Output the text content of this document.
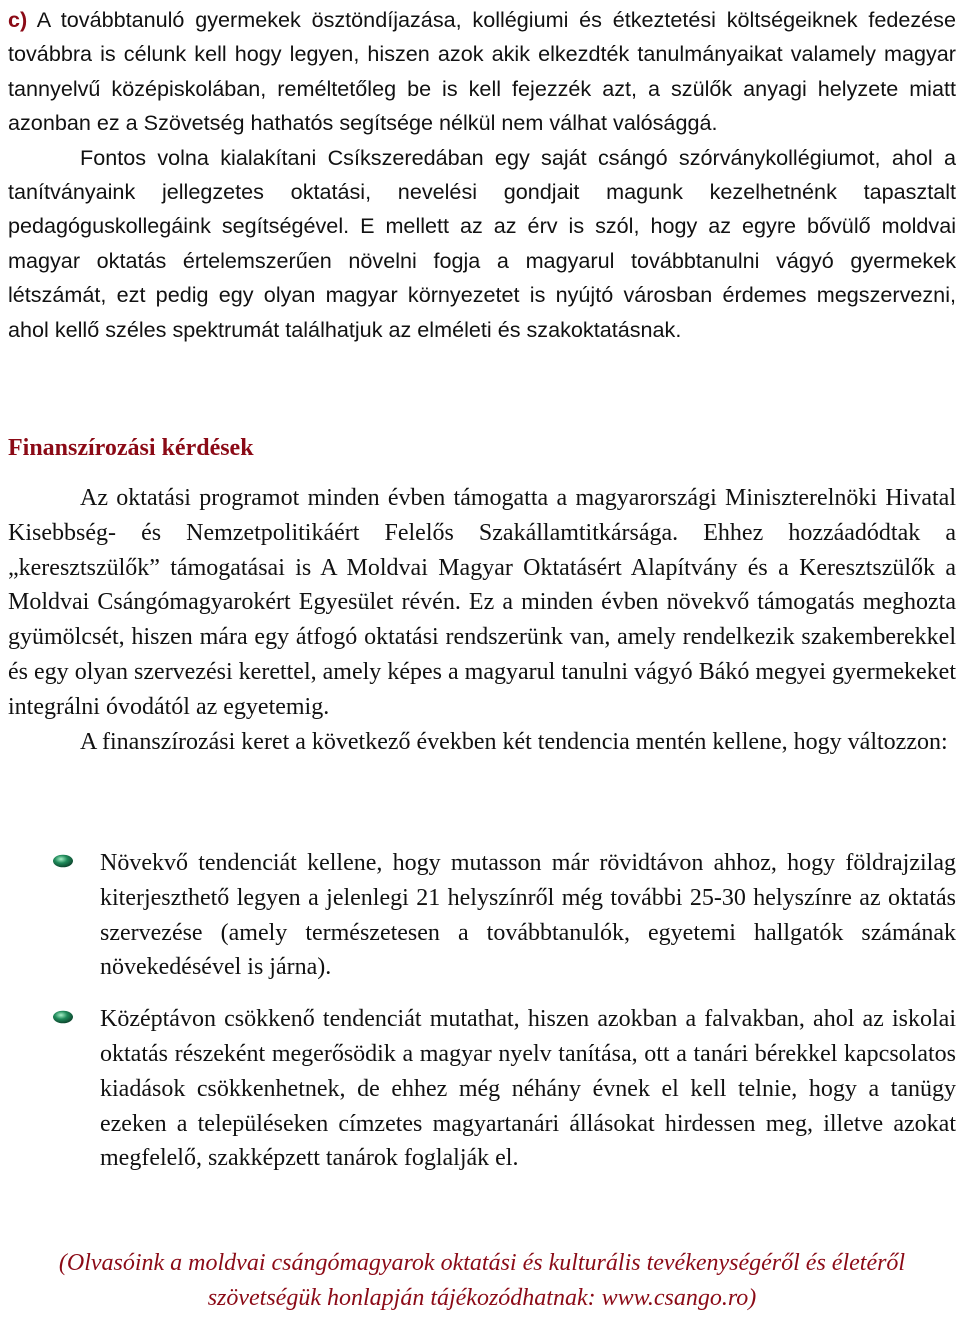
c) A továbbtanuló gyermekek ösztöndíjazása, kollégiumi és étkeztetési költségeiknek fedezése továbbra is célunk kell hogy legyen, hiszen azok akik elkezdték tanulmányaikat valamely magyar tannyelvű középiskolában, reméltetőleg be is kell fejezzék azt, a szülők anyagi helyzete miatt azonban ez a Szövetség hathatós segítsége nélkül nem válhat valósággá.
Fontos volna kialakítani Csíkszeredában egy saját csángó szórványkollégiumot, ahol a tanítványaink jellegzetes oktatási, nevelési gondjait magunk kezelhetnénk tapasztalt pedagóguskollegáink segítségével. E mellett az az érv is szól, hogy az egyre bővülő moldvai magyar oktatás értelemszerűen növelni fogja a magyarul továbbtanulni vágyó gyermekek létszámát, ezt pedig egy olyan magyar környezetet is nyújtó városban érdemes megszervezni, ahol kellő széles spektrumát találhatjuk az elméleti és szakoktatásnak.
Finanszírozási kérdések
Az oktatási programot minden évben támogatta a magyarországi Miniszterelnöki Hivatal Kisebbség- és Nemzetpolitikáért Felelős Szakállamtitkársága. Ehhez hozzáadódtak a „keresztszülők” támogatásai is A Moldvai Magyar Oktatásért Alapítvány és a Keresztszülők a Moldvai Csángómagyarokért Egyesület révén. Ez a minden évben növekvő támogatás meghozta gyümölcsét, hiszen mára egy átfogó oktatási rendszerünk van, amely rendelkezik szakemberekkel és egy olyan szervezési kerettel, amely képes a magyarul tanulni vágyó Bákó megyei gyermekeket integrálni óvodától az egyetemig.
A finanszírozási keret a következő években két tendencia mentén kellene, hogy változzon:
Növekvő tendenciát kellene, hogy mutasson már rövidtávon ahhoz, hogy földrajzilag kiterjeszthető legyen a jelenlegi 21 helyszínről még további 25-30 helyszínre az oktatás szervezése (amely természetesen a továbbtanulók, egyetemi hallgatók számának növekedésével is járna).
Középtávon csökkenő tendenciát mutathat, hiszen azokban a falvakban, ahol az iskolai oktatás részeként megerősödik a magyar nyelv tanítása, ott a tanári bérekkel kapcsolatos kiadások csökkenhetnek, de ehhez még néhány évnek el kell telnie, hogy a tanügy ezeken a településeken címzetes magyartanári állásokat hirdessen meg, illetve azokat megfelelő, szakképzett tanárok foglalják el.
(Olvasóink a moldvai csángómagyarok oktatási és kulturális tevékenységéről és életéről szövetségük honlapján tájékozódhatnak: www.csango.ro)
